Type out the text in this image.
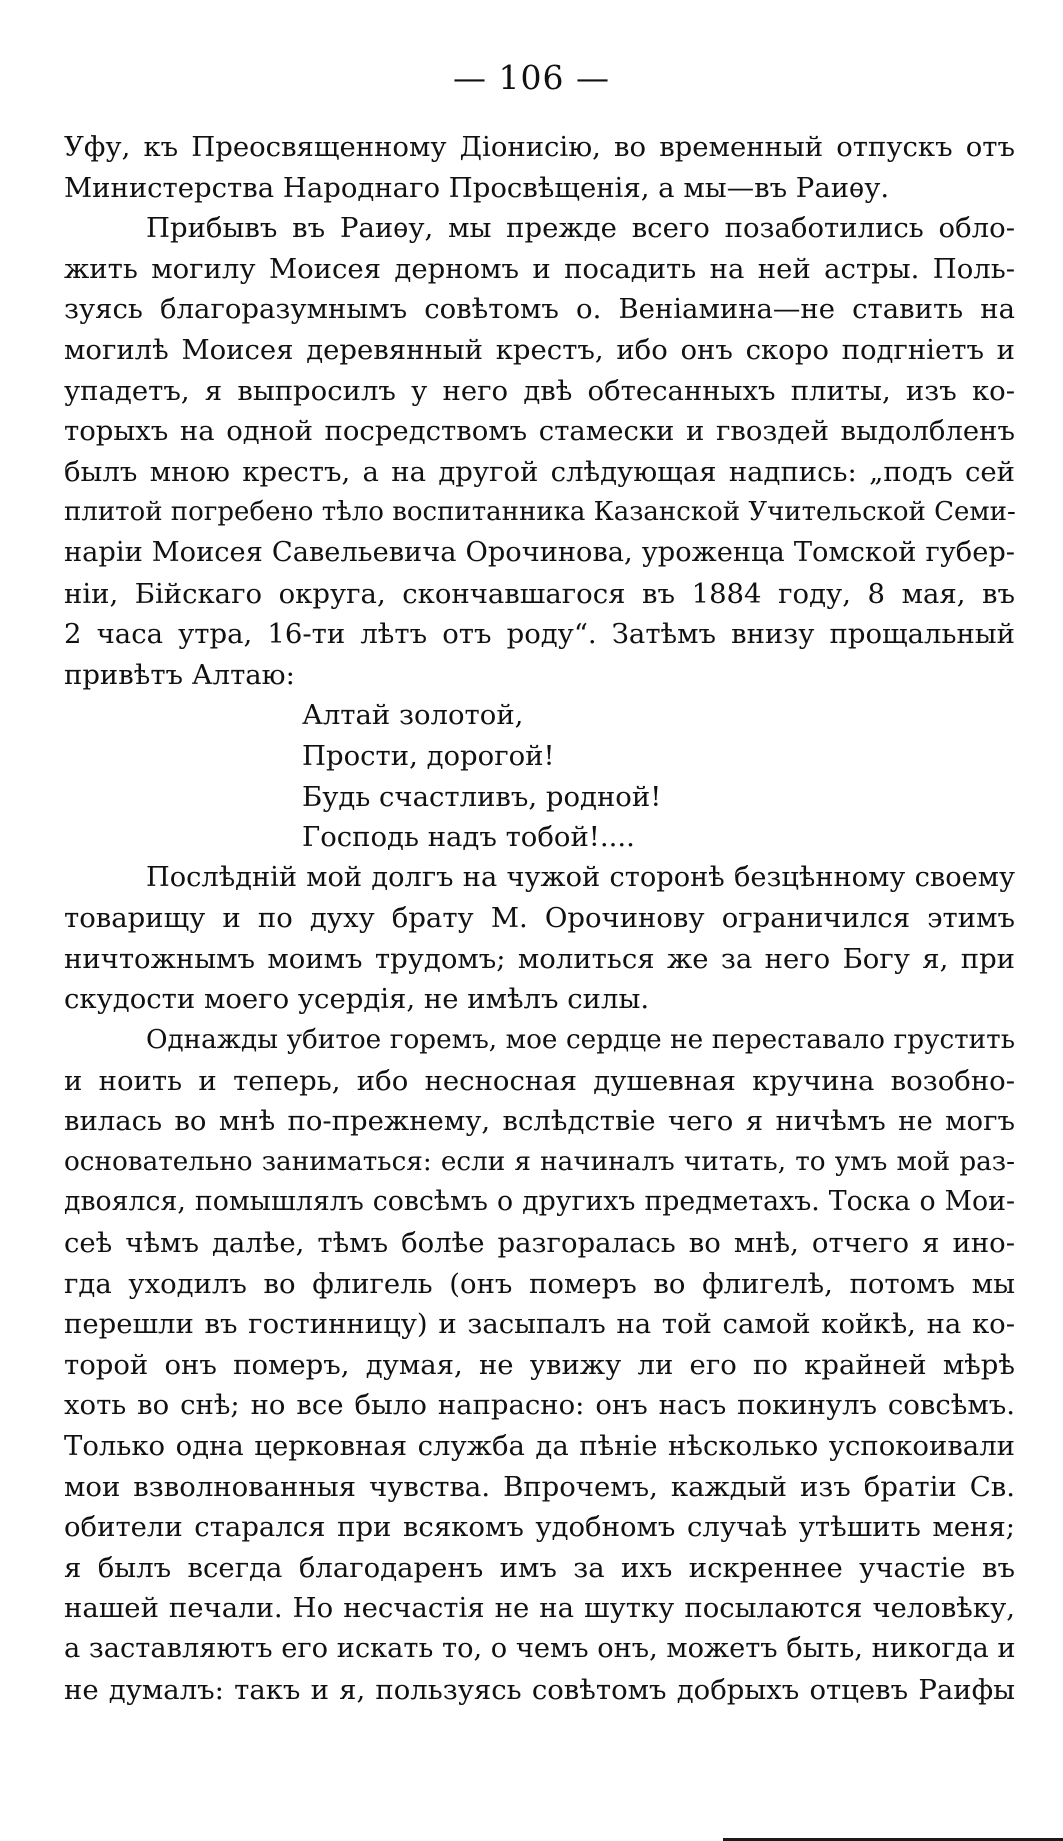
— 106 —
Уфу, къ Преосвященному Діонисію, во временный отпускъ отъ
Министерства Народнаго Просвѣщенія, а мы—въ Раиѳу.
Прибывъ въ Раиѳу, мы прежде всего позаботились обло-
жить могилу Моисея дерномъ и посадить на ней астры. Поль-
зуясь благоразумнымъ совѣтомъ о. Веніамина—не ставить на
могилѣ Моисея деревянный крестъ, ибо онъ скоро подгніетъ и
упадетъ, я выпросилъ у него двѣ обтесанныхъ плиты, изъ ко-
торыхъ на одной посредствомъ стамески и гвоздей выдолбленъ
былъ мною крестъ, а на другой слѣдующая надпись: „подъ сей
плитой погребено тѣло воспитанника Казанской Учительской Семи-
наріи Моисея Савельевича Орочинова, уроженца Томской губер-
ніи, Бійскаго округа, скончавшагося въ 1884 году, 8 мая, въ
2 часа утра, 16-ти лѣтъ отъ роду“. Затѣмъ внизу прощальный
привѣтъ Алтаю:
Алтай золотой,
Прости, дорогой!
Будь счастливъ, родной!
Господь надъ тобой!....
Послѣдній мой долгъ на чужой сторонѣ безцѣнному своему
товарищу и по духу брату М. Орочинову ограничился этимъ
ничтожнымъ моимъ трудомъ; молиться же за него Богу я, при
скудости моего усердія, не имѣлъ силы.
Однажды убитое горемъ, мое сердце не переставало грустить
и ноить и теперь, ибо несносная душевная кручина возобно-
вилась во мнѣ по-прежнему, вслѣдствіе чего я ничѣмъ не могъ
основательно заниматься: если я начиналъ читать, то умъ мой раз-
двоялся, помышлялъ совсѣмъ о другихъ предметахъ. Тоска о Мои-
сеѣ чѣмъ далѣе, тѣмъ болѣе разгоралась во мнѣ, отчего я ино-
гда уходилъ во флигель (онъ померъ во флигелѣ, потомъ мы
перешли въ гостинницу) и засыпалъ на той самой койкѣ, на ко-
торой онъ померъ, думая, не увижу ли его по крайней мѣрѣ
хоть во снѣ; но все было напрасно: онъ насъ покинулъ совсѣмъ.
Только одна церковная служба да пѣніе нѣсколько успокоивали
мои взволнованныя чувства. Впрочемъ, каждый изъ братіи Св.
обители старался при всякомъ удобномъ случаѣ утѣшить меня;
я былъ всегда благодаренъ имъ за ихъ искреннее участіе въ
нашей печали. Но несчастія не на шутку посылаются человѣку,
а заставляютъ его искать то, о чемъ онъ, можетъ быть, никогда и
не думалъ: такъ и я, пользуясь совѣтомъ добрыхъ отцевъ Раифы
